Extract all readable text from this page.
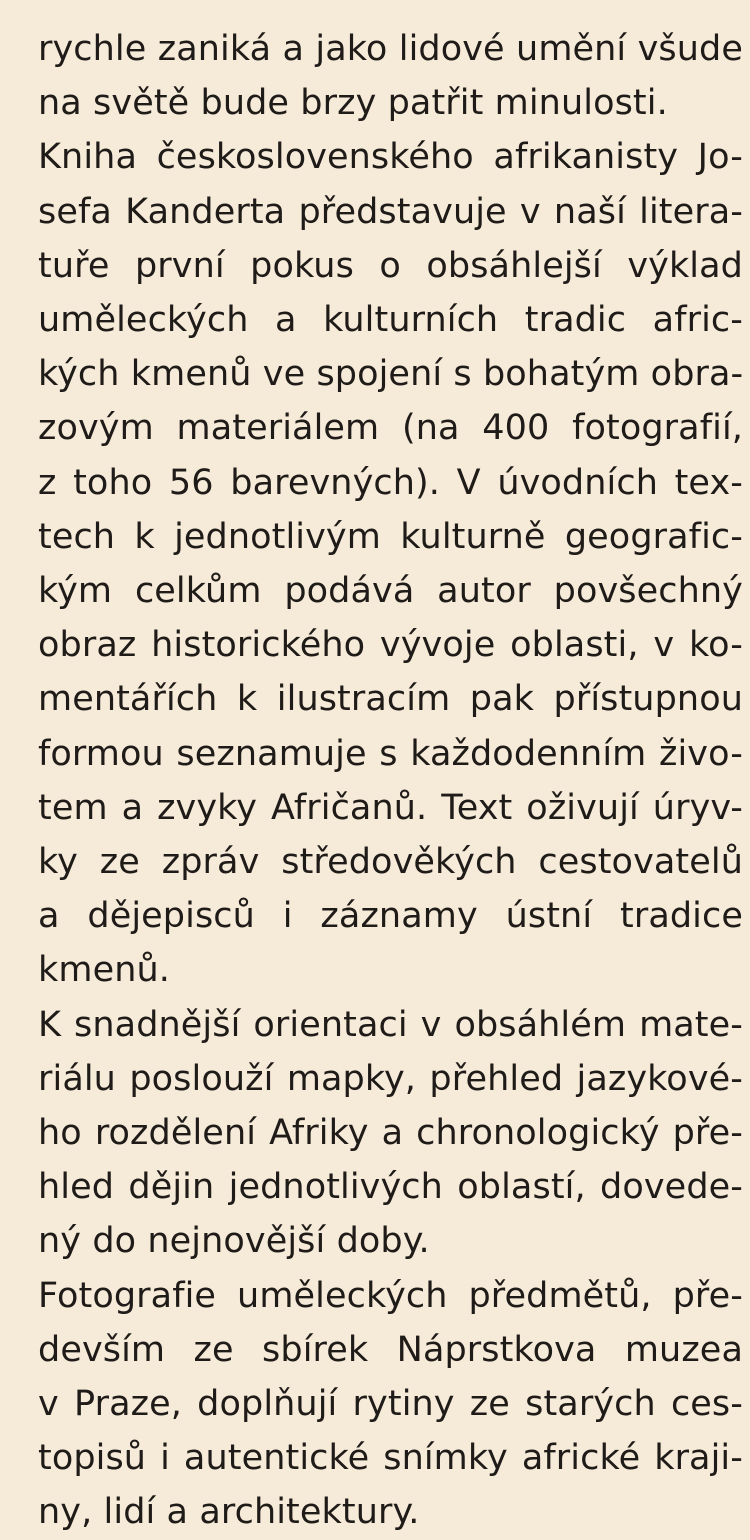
rychle zaniká a jako lidové umění všude
na světě bude brzy patřit minulosti.
Kniha československého afrikanisty Jo-
sefa Kanderta představuje v naší litera-
tuře první pokus o obsáhlejší výklad
uměleckých a kulturních tradic afric-
kých kmenů ve spojení s bohatým obra-
zovým materiálem (na 400 fotografií,
z toho 56 barevných). V úvodních tex-
tech k jednotlivým kulturně geografic-
kým celkům podává autor povšechný
obraz historického vývoje oblasti, v ko-
mentářích k ilustracím pak přístupnou
formou seznamuje s každodenním živo-
tem a zvyky Afričanů. Text oživují úryv-
ky ze zpráv středověkých cestovatelů
a dějepisců i záznamy ústní tradice
kmenů.
K snadnější orientaci v obsáhlém mate-
riálu poslouží mapky, přehled jazykové-
ho rozdělení Afriky a chronologický pře-
hled dějin jednotlivých oblastí, dovede-
ný do nejnovější doby.
Fotografie uměleckých předmětů, pře-
devším ze sbírek Náprstkova muzea
v Praze, doplňují rytiny ze starých ces-
topisů i autentické snímky africké kraji-
ny, lidí a architektury.
